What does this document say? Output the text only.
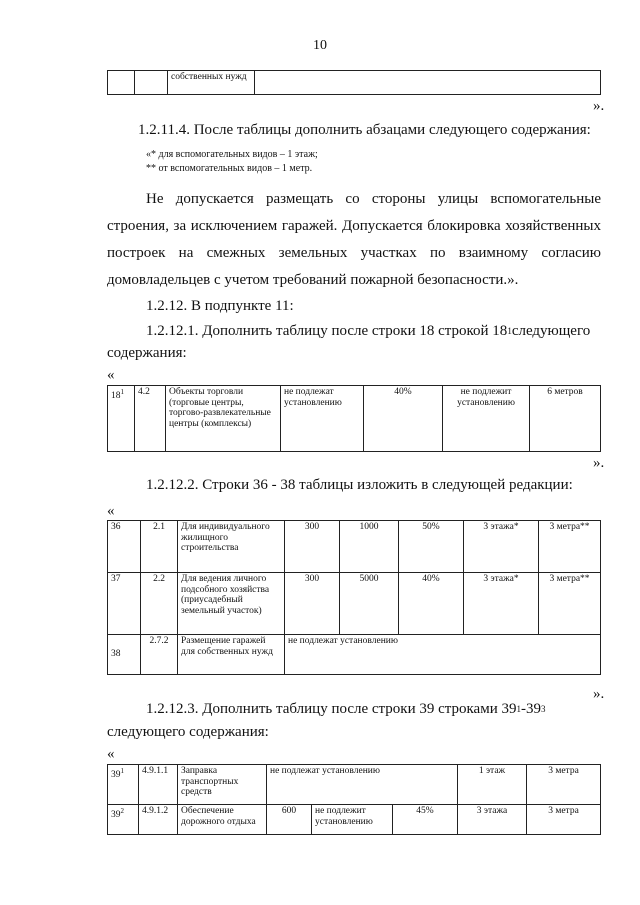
10
		собственных нужд	
».
1.2.11.4. После таблицы дополнить абзацами следующего содержания:
«* для вспомогательных видов – 1 этаж;
** от вспомогательных видов – 1 метр.
Не допускается размещать со стороны улицы вспомогательные
строения, за исключением гаражей. Допускается блокировка хозяйственных
построек на смежных земельных участках по взаимному согласию
домовладельцев с учетом требований пожарной безопасности.».
1.2.12. В подпункте 11:
1.2.12.1. Дополнить таблицу после строки 18 строкой 18 1 следующего
содержания:
«
$18^1$	4.2	Объекты торговли (торговые центры, торгово-развлекательные центры (комплексы)	не подлежат установлению	40%	не подлежит установлению	6 метров
».
1.2.12.2. Строки 36 - 38 таблицы изложить в следующей редакции:
«
36	2.1	Для индивидуального жилищного строительства	300	1000	50%	3 этажа*	3 метра**
37	2.2	Для ведения личного подсобного хозяйства (приусадебный земельный участок)	300	5000	40%	3 этажа*	3 метра**
38	2.7.2	Размещение гаражей для собственных нужд	не подлежат установлению				
».
1.2.12.3. Дополнить таблицу после строки 39 строками 39 1 -39 3
следующего содержания:
«
$39^1$	4.9.1.1	Заправка транспортных средств	не подлежат установлению			1 этаж	3 метра
$39^2$	4.9.1.2	Обеспечение дорожного отдыха	600	не подлежит установлению	45%	3 этажа	3 метра
